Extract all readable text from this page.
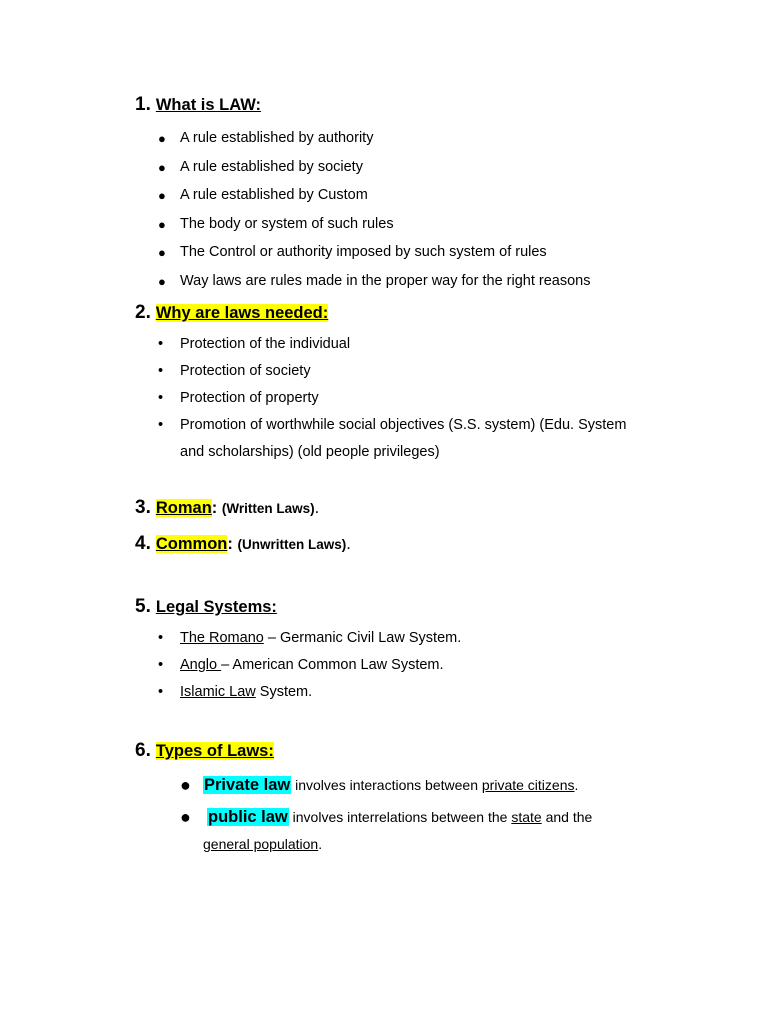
1. What is LAW:
● A rule established by authority
● A rule established by society
● A rule established by Custom
● The body or system of such rules
● The Control or authority imposed by such system of rules
● Way laws are rules made in the proper way for the right reasons
2. Why are laws needed:
•	Protection of the individual
•	Protection of society
•	Protection of property
•	Promotion of worthwhile social objectives (S.S. system) (Edu. System
and scholarships) (old people privileges)
3. Roman: (Written Laws).
4. Common: (Unwritten Laws).
5. Legal Systems:
•	The Romano – Germanic Civil Law System.
•	Anglo – American Common Law System.
•	Islamic Law System.
6. Types of Laws:
● Private law involves interactions between private citizens.
● public law involves interrelations between the state and the
general population.
